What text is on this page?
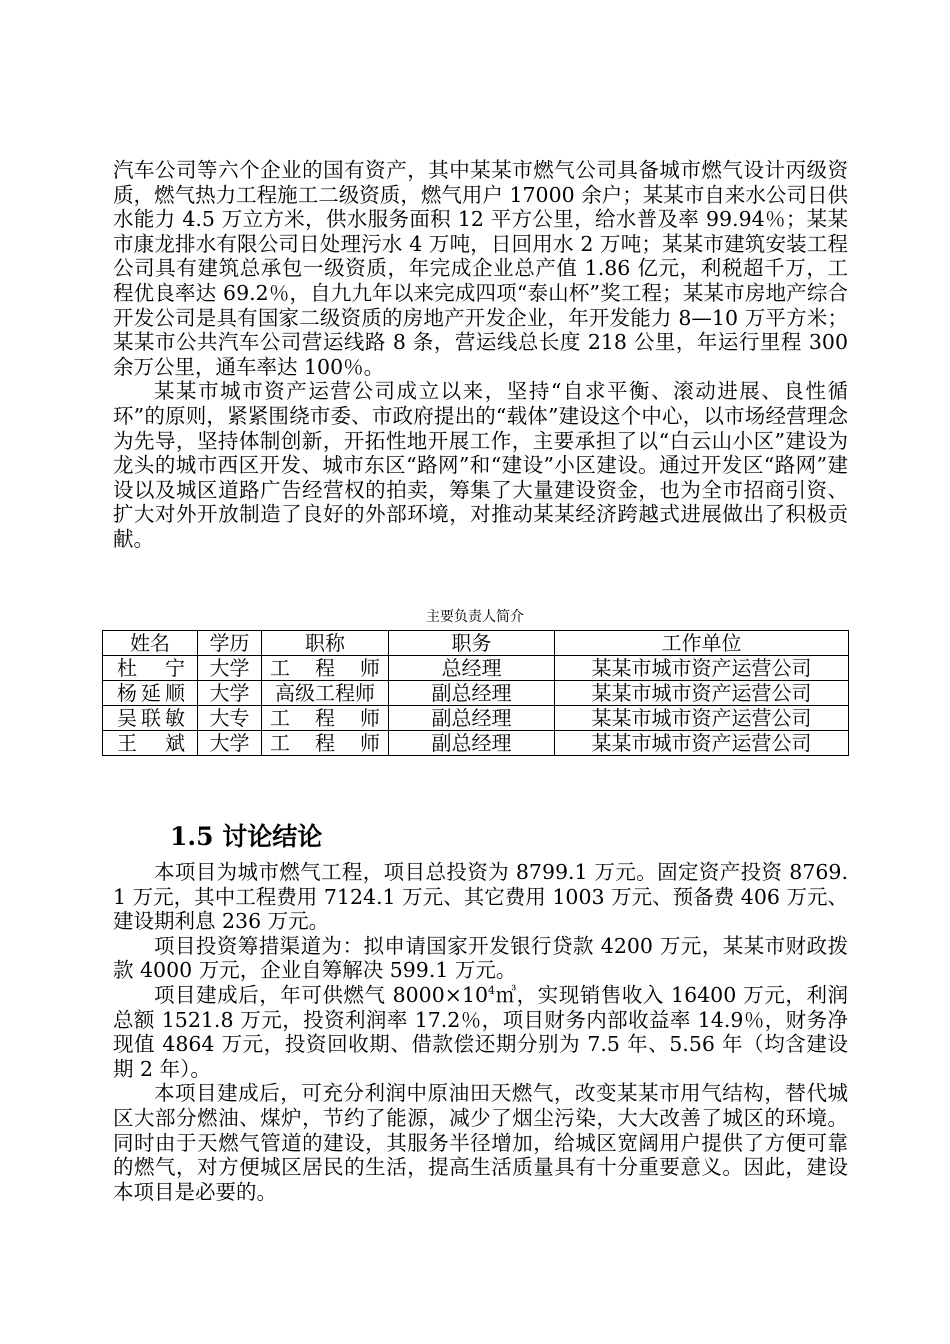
汽车公司等六个企业的国有资产，其中某某市燃气公司具备城市燃气设计丙级资质，燃气热力工程施工二级资质，燃气用户 17000 余户；某某市自来水公司日供水能力 4.5 万立方米，供水服务面积 12 平方公里，给水普及率 99.94％；某某市康龙排水有限公司日处理污水 4 万吨，日回用水 2 万吨；某某市建筑安装工程公司具有建筑总承包一级资质，年完成企业总产值 1.86 亿元，利税超千万，工程优良率达 69.2％，自九九年以来完成四项“泰山杯”奖工程；某某市房地产综合开发公司是具有国家二级资质的房地产开发企业，年开发能力 8—10 万平方米；某某市公共汽车公司营运线路 8 条，营运线总长度 218 公里，年运行里程 300 余万公里，通车率达 100％。

某某市城市资产运营公司成立以来，坚持“自求平衡、滚动进展、良性循环”的原则，紧紧围绕市委、市政府提出的“载体”建设这个中心，以市场经营理念为先导，坚持体制创新，开拓性地开展工作，主要承担了以“白云山小区”建设为龙头的城市西区开发、城市东区“路网”和“建设”小区建设。通过开发区“路网”建设以及城区道路广告经营权的拍卖，筹集了大量建设资金，也为全市招商引资、扩大对外开放制造了良好的外部环境，对推动某某经济跨越式进展做出了积极贡献。

主要负责人简介
姓名	学历	职称	职务	工作单位
杜宁	大学	工程师	总经理	某某市城市资产运营公司
杨延顺	大学	高级工程师	副总经理	某某市城市资产运营公司
吴联敏	大专	工程师	副总经理	某某市城市资产运营公司
王斌	大学	工程师	副总经理	某某市城市资产运营公司
1.5 讨论结论

本项目为城市燃气工程，项目总投资为 8799.1 万元。固定资产投资 8769.1 万元，其中工程费用 7124.1 万元、其它费用 1003 万元、预备费 406 万元、建设期利息 236 万元。

项目投资筹措渠道为：拟申请国家开发银行贷款 4200 万元，某某市财政拨款 4000 万元，企业自筹解决 599.1 万元。

项目建成后，年可供燃气 $8000\times 10^4㎥$，实现销售收入 16400 万元，利润总额 1521.8 万元，投资利润率 17.2％，项目财务内部收益率 14.9％，财务净现值 4864 万元，投资回收期、借款偿还期分别为 7.5 年、5.56 年（均含建设期 2 年）。

本项目建成后，可充分利润中原油田天燃气，改变某某市用气结构，替代城区大部分燃油、煤炉，节约了能源，减少了烟尘污染，大大改善了城区的环境。同时由于天燃气管道的建设，其服务半径增加，给城区宽阔用户提供了方便可靠的燃气，对方便城区居民的生活，提高生活质量具有十分重要意义。因此，建设本项目是必要的。
